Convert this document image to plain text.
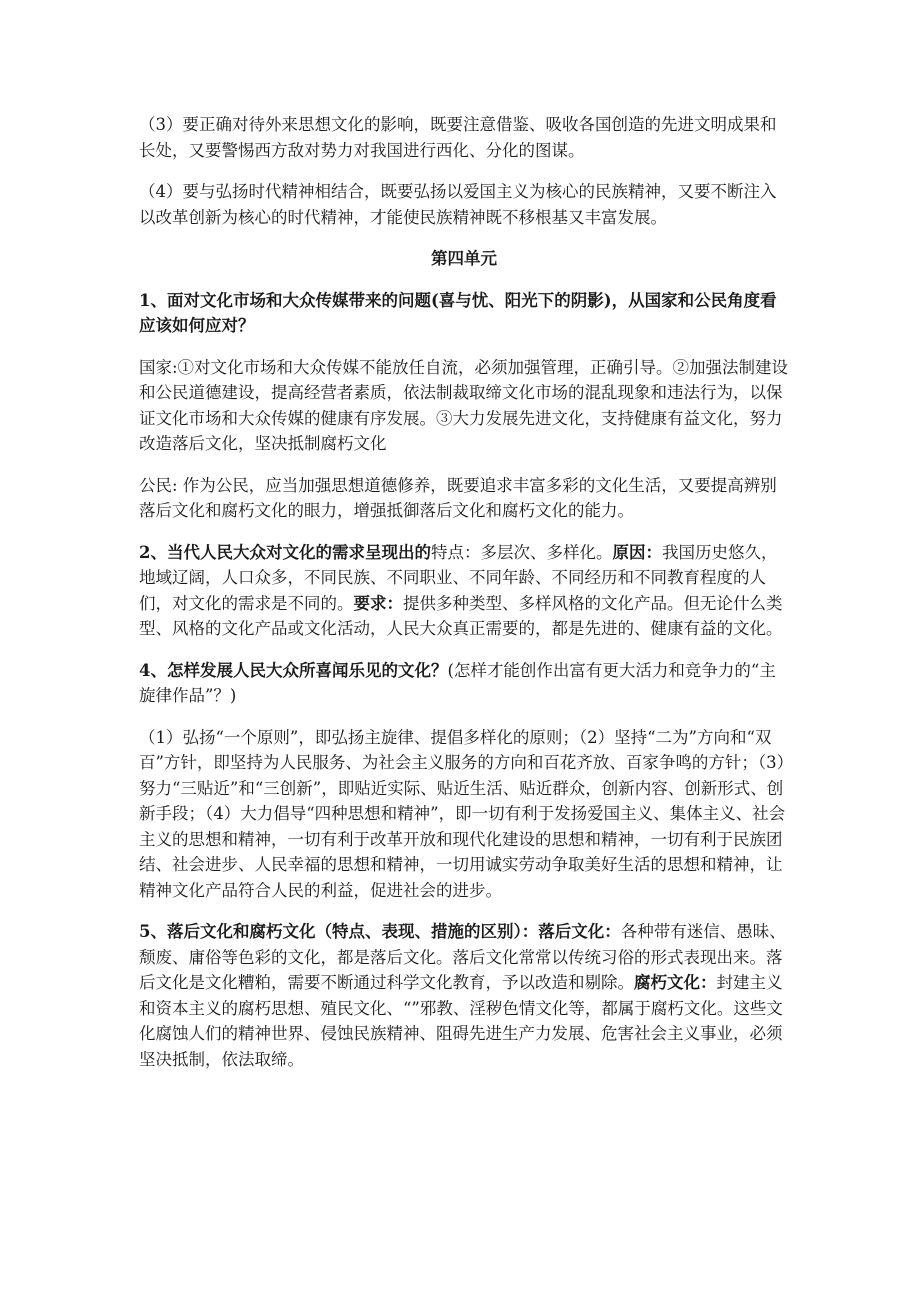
（3）要正确对待外来思想文化的影响，既要注意借鉴、吸收各国创造的先进文明成果和长处，又要警惕西方敌对势力对我国进行西化、分化的图谋。

（4）要与弘扬时代精神相结合，既要弘扬以爱国主义为核心的民族精神，又要不断注入以改革创新为核心的时代精神，才能使民族精神既不移根基又丰富发展。

第四单元

1、面对文化市场和大众传媒带来的问题(喜与忧、阳光下的阴影)，从国家和公民角度看应该如何应对？

国家:①对文化市场和大众传媒不能放任自流，必须加强管理，正确引导。②加强法制建设和公民道德建设，提高经营者素质，依法制裁取缔文化市场的混乱现象和违法行为，以保证文化市场和大众传媒的健康有序发展。③大力发展先进文化，支持健康有益文化，努力改造落后文化，坚决抵制腐朽文化

公民: 作为公民，应当加强思想道德修养，既要追求丰富多彩的文化生活，又要提高辨别落后文化和腐朽文化的眼力，增强抵御落后文化和腐朽文化的能力。

2、当代人民大众对文化的需求呈现出的特点：多层次、多样化。原因：我国历史悠久，地域辽阔，人口众多，不同民族、不同职业、不同年龄、不同经历和不同教育程度的人们，对文化的需求是不同的。要求：提供多种类型、多样风格的文化产品。但无论什么类型、风格的文化产品或文化活动，人民大众真正需要的，都是先进的、健康有益的文化。

4、怎样发展人民大众所喜闻乐见的文化？(怎样才能创作出富有更大活力和竞争力的“主旋律作品”？)

（1）弘扬“一个原则”，即弘扬主旋律、提倡多样化的原则；（2）坚持“二为”方向和“双百”方针，即坚持为人民服务、为社会主义服务的方向和百花齐放、百家争鸣的方针；（3）努力“三贴近”和“三创新”，即贴近实际、贴近生活、贴近群众，创新内容、创新形式、创新手段；（4）大力倡导“四种思想和精神”，即一切有利于发扬爱国主义、集体主义、社会主义的思想和精神，一切有利于改革开放和现代化建设的思想和精神，一切有利于民族团结、社会进步、人民幸福的思想和精神，一切用诚实劳动争取美好生活的思想和精神，让精神文化产品符合人民的利益，促进社会的进步。

5、落后文化和腐朽文化（特点、表现、措施的区别）：落后文化：各种带有迷信、愚昧、颓废、庸俗等色彩的文化，都是落后文化。落后文化常常以传统习俗的形式表现出来。落后文化是文化糟粕，需要不断通过科学文化教育，予以改造和剔除。腐朽文化：封建主义和资本主义的腐朽思想、殖民文化、“”邪教、淫秽色情文化等，都属于腐朽文化。这些文化腐蚀人们的精神世界、侵蚀民族精神、阻碍先进生产力发展、危害社会主义事业，必须坚决抵制，依法取缔。
